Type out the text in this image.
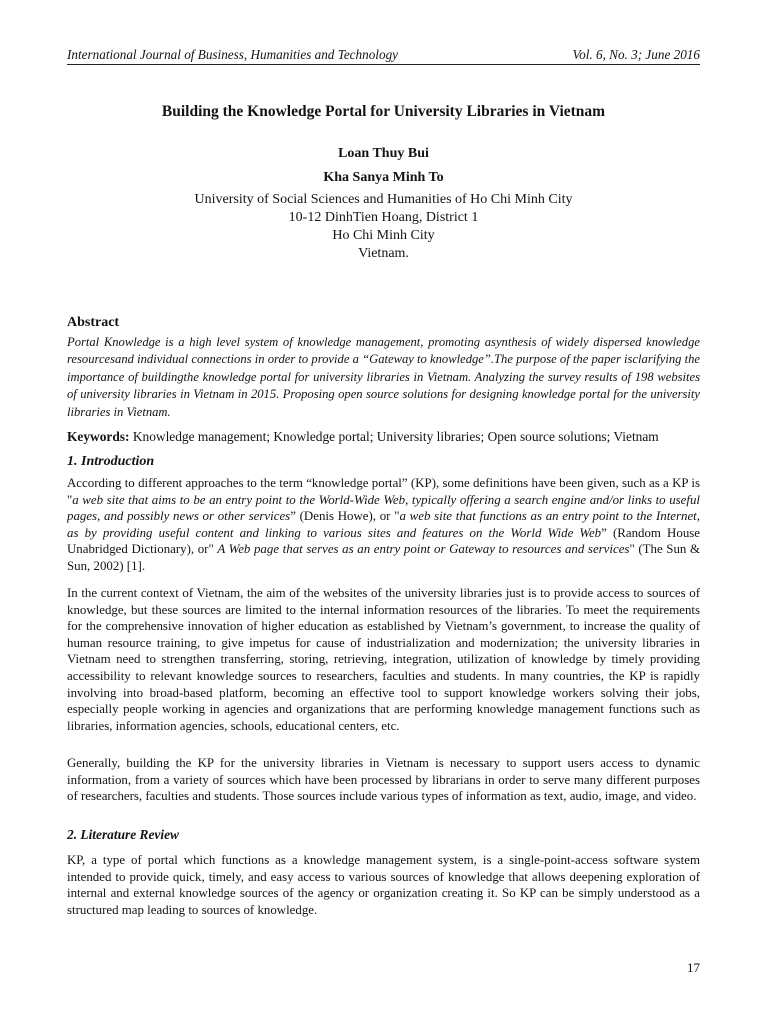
International Journal of Business, Humanities and Technology	Vol. 6, No. 3; June 2016
Building the Knowledge Portal for University Libraries in Vietnam
Loan Thuy Bui
Kha Sanya Minh To
University of Social Sciences and Humanities of Ho Chi Minh City
10-12 DinhTien Hoang, District 1
Ho Chi Minh City
Vietnam.
Abstract
Portal Knowledge is a high level system of knowledge management, promoting asynthesis of widely dispersed knowledge resourcesand individual connections in order to provide a “Gateway to knowledge”.The purpose of the paper isclarifying the importance of buildingthe knowledge portal for university libraries in Vietnam. Analyzing the survey results of 198 websites of university libraries in Vietnam in 2015. Proposing open source solutions for designing knowledge portal for the university libraries in Vietnam.
Keywords: Knowledge management; Knowledge portal; University libraries; Open source solutions; Vietnam
1. Introduction

According to different approaches to the term “knowledge portal” (KP), some definitions have been given, such as a KP is "a web site that aims to be an entry point to the World-Wide Web, typically offering a search engine and/or links to useful pages, and possibly news or other services” (Denis Howe), or "a web site that functions as an entry point to the Internet, as by providing useful content and linking to various sites and features on the World Wide Web” (Random House Unabridged Dictionary), or" A Web page that serves as an entry point or Gateway to resources and services" (The Sun & Sun, 2002) [1].

In the current context of Vietnam, the aim of the websites of the university libraries just is to provide access to sources of knowledge, but these sources are limited to the internal information resources of the libraries. To meet the requirements for the comprehensive innovation of higher education as established by Vietnam’s government, to increase the quality of human resource training, to give impetus for cause of industrialization and modernization; the university libraries in Vietnam need to strengthen transferring, storing, retrieving, integration, utilization of knowledge by timely providing accessibility to relevant knowledge sources to researchers, faculties and students. In many countries, the KP is rapidly involving into broad-based platform, becoming an effective tool to support knowledge workers solving their jobs, especially people working in agencies and organizations that are performing knowledge management functions such as libraries, information agencies, schools, educational centers, etc.

Generally, building the KP for the university libraries in Vietnam is necessary to support users access to dynamic information, from a variety of sources which have been processed by librarians in order to serve many different purposes of researchers, faculties and students. Those sources include various types of information as text, audio, image, and video.

2. Literature Review

KP, a type of portal which functions as a knowledge management system, is a single-point-access software system intended to provide quick, timely, and easy access to various sources of knowledge that allows deepening exploration of internal and external knowledge sources of the agency or organization creating it. So KP can be simply understood as a structured map leading to sources of knowledge.

17
